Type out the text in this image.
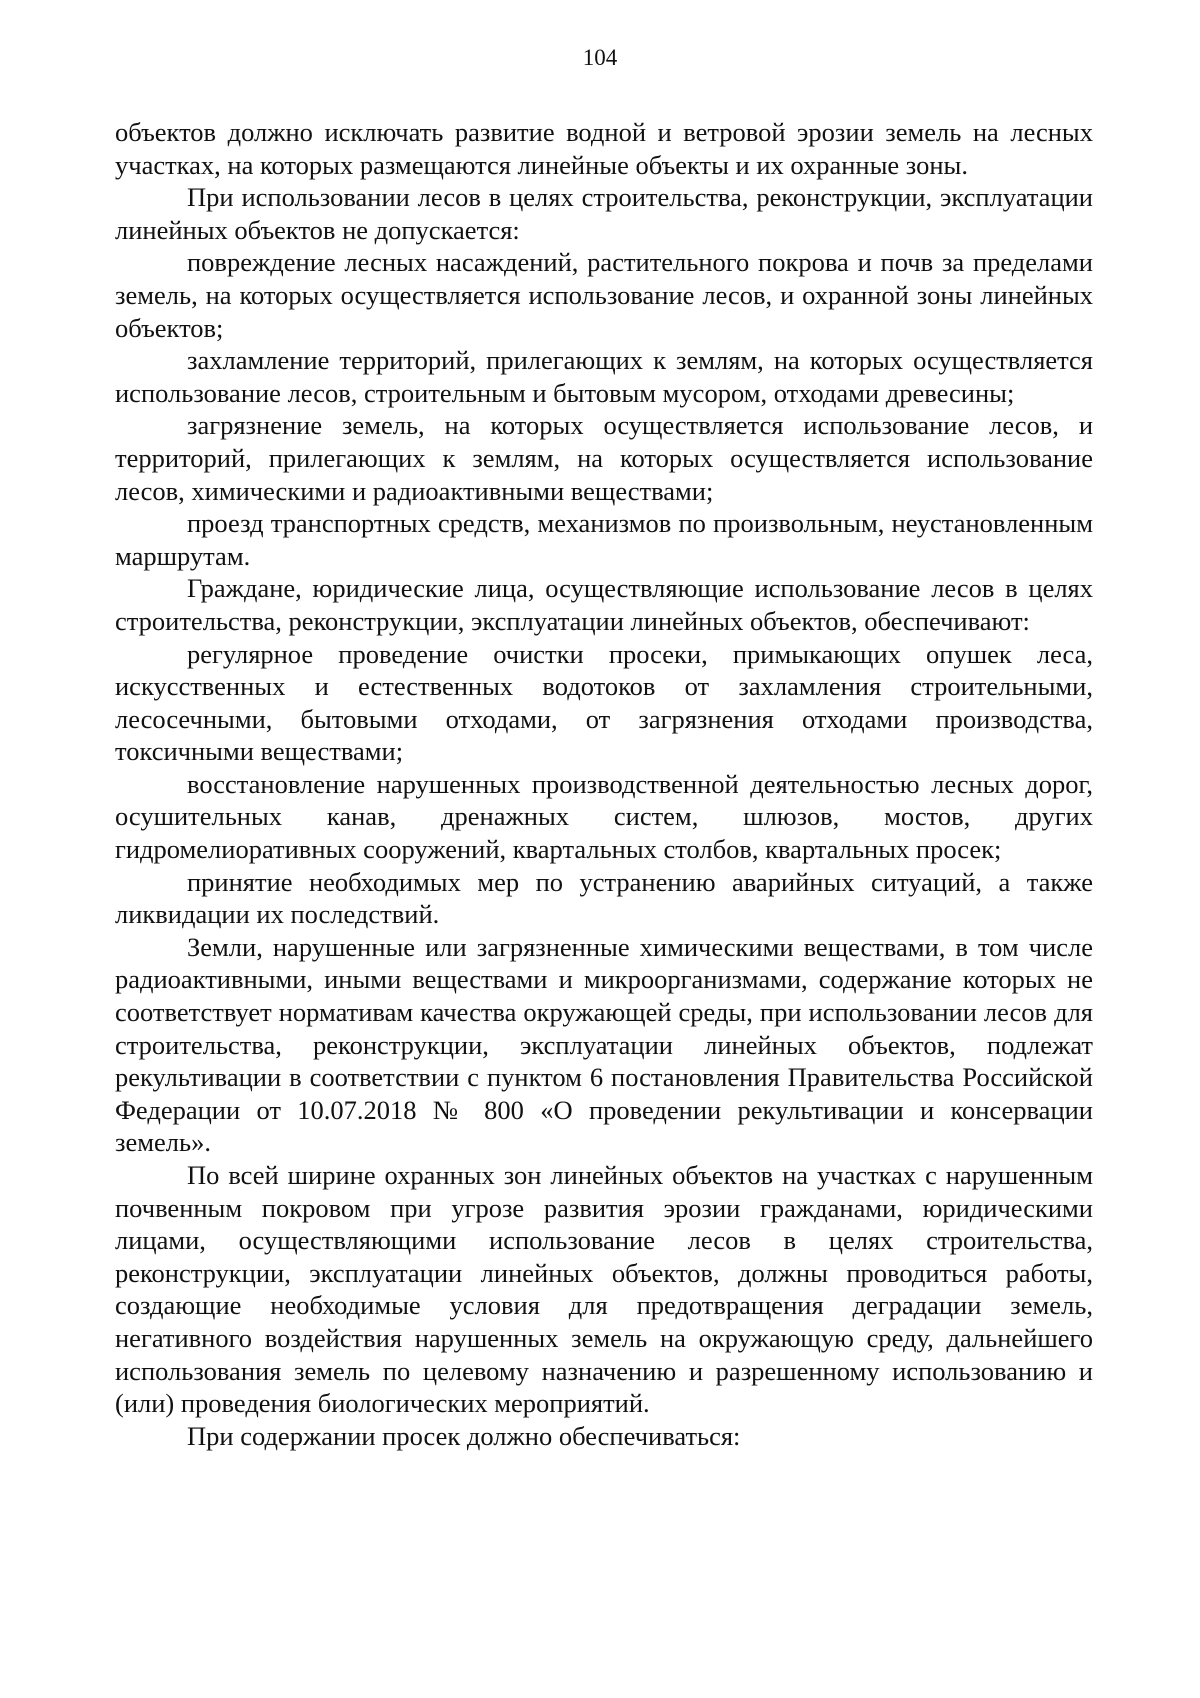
104

объектов должно исключать развитие водной и ветровой эрозии земель на лесных участках, на которых размещаются линейные объекты и их охранные зоны.

При использовании лесов в целях строительства, реконструкции, эксплуатации линейных объектов не допускается:

повреждение лесных насаждений, растительного покрова и почв за пределами земель, на которых осуществляется использование лесов, и охранной зоны линейных объектов;

захламление территорий, прилегающих к землям, на которых осуществляется использование лесов, строительным и бытовым мусором, отходами древесины;

загрязнение земель, на которых осуществляется использование лесов, и территорий, прилегающих к землям, на которых осуществляется использование лесов, химическими и радиоактивными веществами;

проезд транспортных средств, механизмов по произвольным, неустановленным маршрутам.

Граждане, юридические лица, осуществляющие использование лесов в целях строительства, реконструкции, эксплуатации линейных объектов, обеспечивают:

регулярное проведение очистки просеки, примыкающих опушек леса, искусственных и естественных водотоков от захламления строительными, лесосечными, бытовыми отходами, от загрязнения отходами производства, токсичными веществами;

восстановление нарушенных производственной деятельностью лесных дорог, осушительных канав, дренажных систем, шлюзов, мостов, других гидромелиоративных сооружений, квартальных столбов, квартальных просек;

принятие необходимых мер по устранению аварийных ситуаций, а также ликвидации их последствий.

Земли, нарушенные или загрязненные химическими веществами, в том числе радиоактивными, иными веществами и микроорганизмами, содержание которых не соответствует нормативам качества окружающей среды, при использовании лесов для строительства, реконструкции, эксплуатации линейных объектов, подлежат рекультивации в соответствии с пунктом 6 постановления Правительства Российской Федерации от 10.07.2018 № 800 «О проведении рекультивации и консервации земель».

По всей ширине охранных зон линейных объектов на участках с нарушенным почвенным покровом при угрозе развития эрозии гражданами, юридическими лицами, осуществляющими использование лесов в целях строительства, реконструкции, эксплуатации линейных объектов, должны проводиться работы, создающие необходимые условия для предотвращения деградации земель, негативного воздействия нарушенных земель на окружающую среду, дальнейшего использования земель по целевому назначению и разрешенному использованию и (или) проведения биологических мероприятий.

При содержании просек должно обеспечиваться:
